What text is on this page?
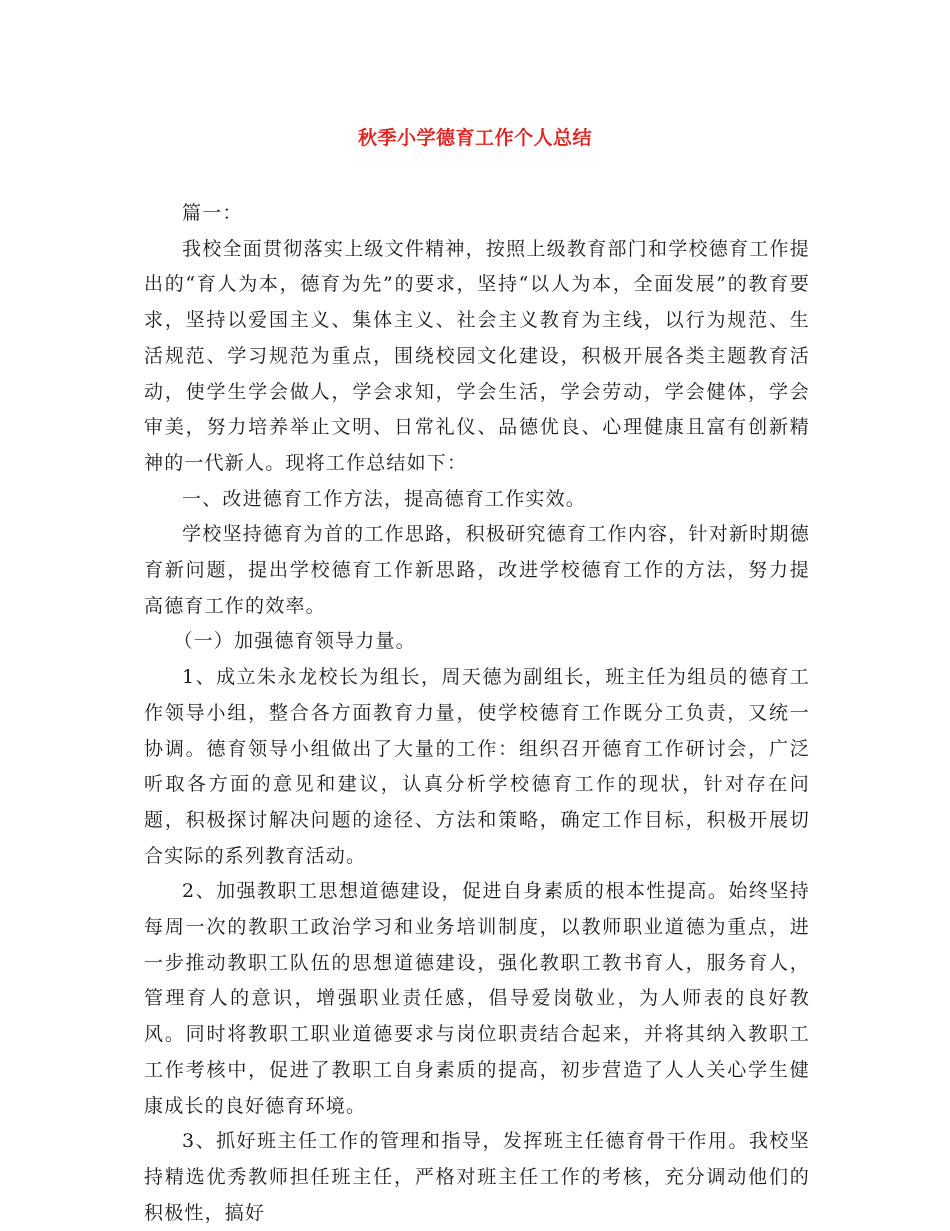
秋季小学德育工作个人总结

篇一：

我校全面贯彻落实上级文件精神，按照上级教育部门和学校德育工作提出的“育人为本，德育为先”的要求，坚持“以人为本，全面发展”的教育要求，坚持以爱国主义、集体主义、社会主义教育为主线，以行为规范、生活规范、学习规范为重点，围绕校园文化建设，积极开展各类主题教育活动，使学生学会做人，学会求知，学会生活，学会劳动，学会健体，学会审美，努力培养举止文明、日常礼仪、品德优良、心理健康且富有创新精神的一代新人。现将工作总结如下：

一、改进德育工作方法，提高德育工作实效。

学校坚持德育为首的工作思路，积极研究德育工作内容，针对新时期德育新问题，提出学校德育工作新思路，改进学校德育工作的方法，努力提高德育工作的效率。

（一）加强德育领导力量。

1、成立朱永龙校长为组长，周天德为副组长，班主任为组员的德育工作领导小组，整合各方面教育力量，使学校德育工作既分工负责，又统一协调。德育领导小组做出了大量的工作：组织召开德育工作研讨会，广泛听取各方面的意见和建议，认真分析学校德育工作的现状，针对存在问题，积极探讨解决问题的途径、方法和策略，确定工作目标，积极开展切合实际的系列教育活动。

2、加强教职工思想道德建设，促进自身素质的根本性提高。始终坚持每周一次的教职工政治学习和业务培训制度，以教师职业道德为重点，进一步推动教职工队伍的思想道德建设，强化教职工教书育人，服务育人，管理育人的意识，增强职业责任感，倡导爱岗敬业，为人师表的良好教风。同时将教职工职业道德要求与岗位职责结合起来，并将其纳入教职工工作考核中，促进了教职工自身素质的提高，初步营造了人人关心学生健康成长的良好德育环境。

3、抓好班主任工作的管理和指导，发挥班主任德育骨干作用。我校坚持精选优秀教师担任班主任，严格对班主任工作的考核，充分调动他们的积极性，搞好
